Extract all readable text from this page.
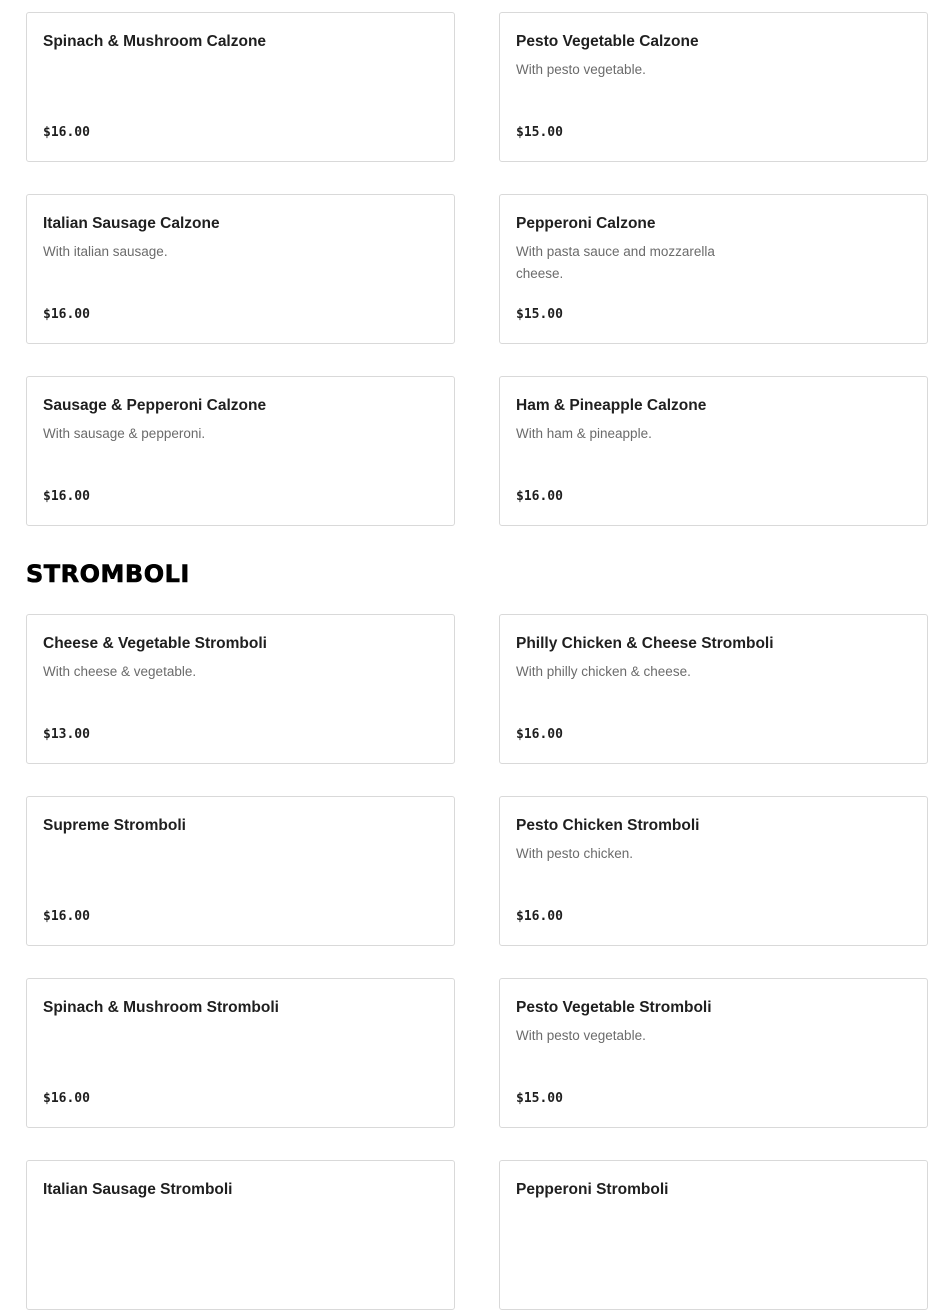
Spinach & Mushroom Calzone
$16.00
Pesto Vegetable Calzone
With pesto vegetable.
$15.00
Italian Sausage Calzone
With italian sausage.
$16.00
Pepperoni Calzone
With pasta sauce and mozzarella cheese.
$15.00
Sausage & Pepperoni Calzone
With sausage & pepperoni.
$16.00
Ham & Pineapple Calzone
With ham & pineapple.
$16.00
STROMBOLI
Cheese & Vegetable Stromboli
With cheese & vegetable.
$13.00
Philly Chicken & Cheese Stromboli
With philly chicken & cheese.
$16.00
Supreme Stromboli
$16.00
Pesto Chicken Stromboli
With pesto chicken.
$16.00
Spinach & Mushroom Stromboli
$16.00
Pesto Vegetable Stromboli
With pesto vegetable.
$15.00
Italian Sausage Stromboli	Pepperoni Stromboli
